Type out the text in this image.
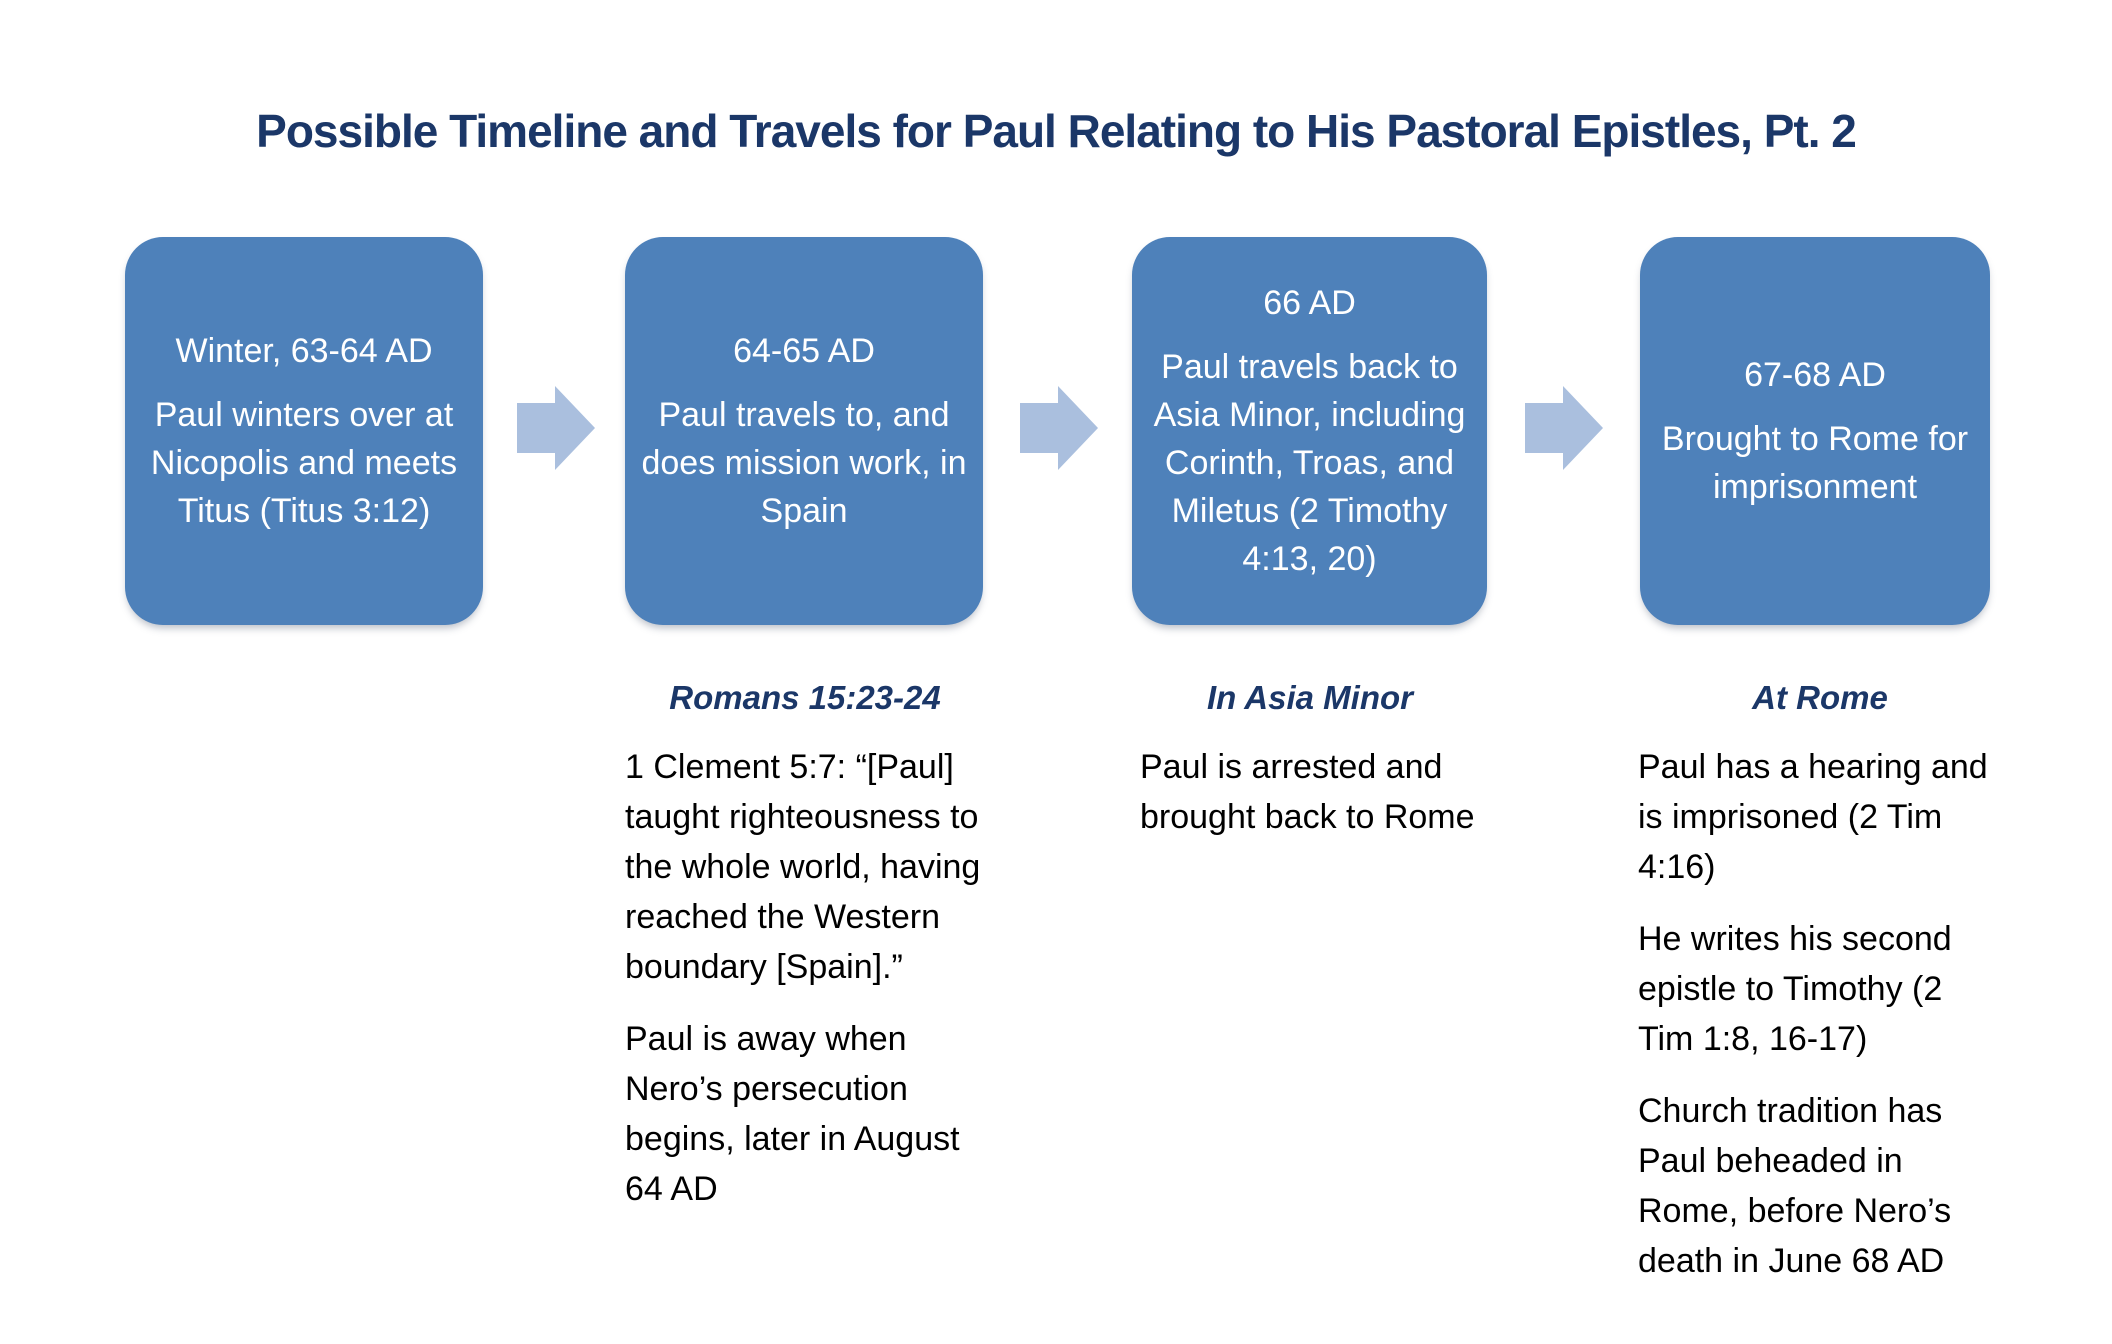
Possible Timeline and Travels for Paul Relating to His Pastoral Epistles, Pt. 2

Winter, 63-64 AD

Paul winters over at Nicopolis and meets Titus (Titus 3:12)

64-65 AD

Paul travels to, and does mission work, in Spain

66 AD

Paul travels back to Asia Minor, including Corinth, Troas, and Miletus (2 Timothy 4:13, 20)

67-68 AD

Brought to Rome for imprisonment

Romans 15:23-24

1 Clement 5:7: “[Paul] taught righteousness to the whole world, having reached the Western boundary [Spain].”

Paul is away when Nero’s persecution begins, later in August 64 AD

In Asia Minor

Paul is arrested and brought back to Rome

At Rome

Paul has a hearing and is imprisoned (2 Tim 4:16)

He writes his second epistle to Timothy (2 Tim 1:8, 16-17)

Church tradition has Paul beheaded in Rome, before Nero’s death in June 68 AD
